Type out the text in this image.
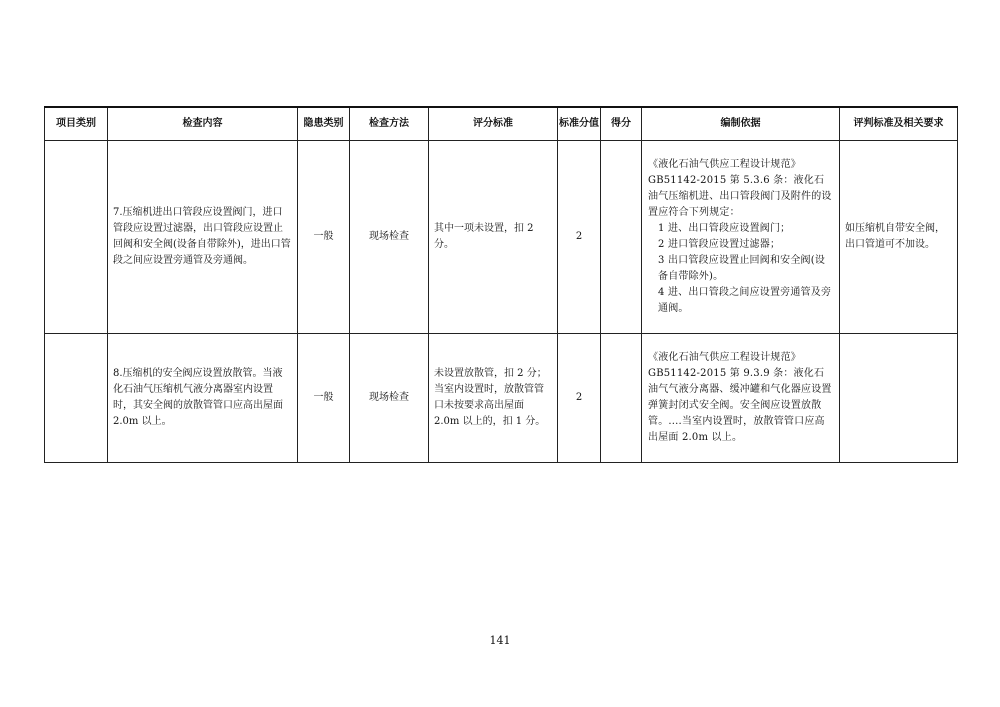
项目类别	检查内容	隐患类别	检查方法	评分标准	标准分值	得分	编制依据	评判标准及相关要求
	7.压缩机进出口管段应设置阀门，进口管段应设置过滤器，出口管段应设置止回阀和安全阀(设备自带除外)，进出口管段之间应设置旁通管及旁通阀。	一般	现场检查	其中一项未设置，扣 2 分。	2		《液化石油气供应工程设计规范》GB51142-2015 第 5.3.6 条：液化石油气压缩机进、出口管段阀门及附件的设置应符合下列规定：
1 进、出口管段应设置阀门；
2 进口管段应设置过滤器；
3 出口管段应设置止回阀和安全阀(设备自带除外)。
4 进、出口管段之间应设置旁通管及旁通阀。	如压缩机自带安全阀，出口管道可不加设。
	8.压缩机的安全阀应设置放散管。当液化石油气压缩机气液分离器室内设置时，其安全阀的放散管管口应高出屋面 2.0m 以上。	一般	现场检查	未设置放散管，扣 2 分；当室内设置时，放散管管口未按要求高出屋面 2.0m 以上的，扣 1 分。	2		《液化石油气供应工程设计规范》GB51142-2015 第 9.3.9 条：液化石油气气液分离器、缓冲罐和气化器应设置弹簧封闭式安全阀。安全阀应设置放散管。....当室内设置时，放散管管口应高出屋面 2.0m 以上。	

141
